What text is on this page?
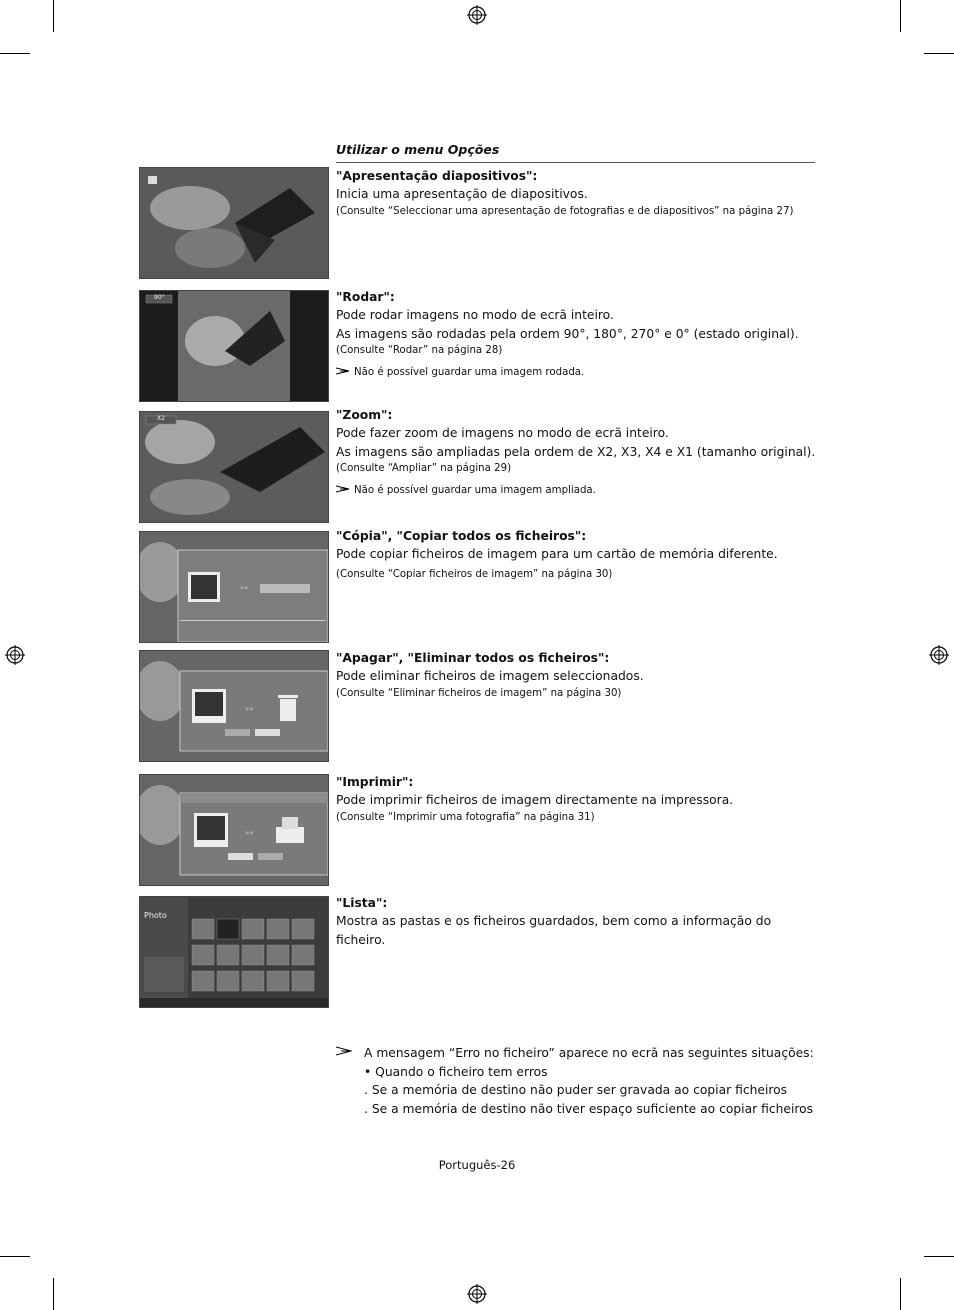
Utilizar o menu Opções
90°
X2
»»
»»
»»
Photo
"Apresentação diapositivos":
Inicia uma apresentação de diapositivos.
(Consulte “Seleccionar uma apresentação de fotografias e de diapositivos” na página 27)
"Rodar":
Pode rodar imagens no modo de ecrã inteiro.
As imagens são rodadas pela ordem 90°, 180°, 270° e 0° (estado original).
(Consulte “Rodar” na página 28)
Não é possível guardar uma imagem rodada.
"Zoom":
Pode fazer zoom de imagens no modo de ecrã inteiro.
As imagens são ampliadas pela ordem de X2, X3, X4 e X1 (tamanho original).
(Consulte “Ampliar” na página 29)
Não é possível guardar uma imagem ampliada.
"Cópia", "Copiar todos os ficheiros":
Pode copiar ficheiros de imagem para um cartão de memória diferente.
(Consulte “Copiar ficheiros de imagem” na página 30)
"Apagar", "Eliminar todos os ficheiros":
Pode eliminar ficheiros de imagem seleccionados.
(Consulte “Eliminar ficheiros de imagem” na página 30)
"Imprimir":
Pode imprimir ficheiros de imagem directamente na impressora.
(Consulte “Imprimir uma fotografia” na página 31)
"Lista":
Mostra as pastas e os ficheiros guardados, bem como a informação do ficheiro.
A mensagem “Erro no ficheiro” aparece no ecrã nas seguintes situações:
• Quando o ficheiro tem erros
. Se a memória de destino não puder ser gravada ao copiar ficheiros
. Se a memória de destino não tiver espaço suficiente ao copiar ficheiros
Português-26
